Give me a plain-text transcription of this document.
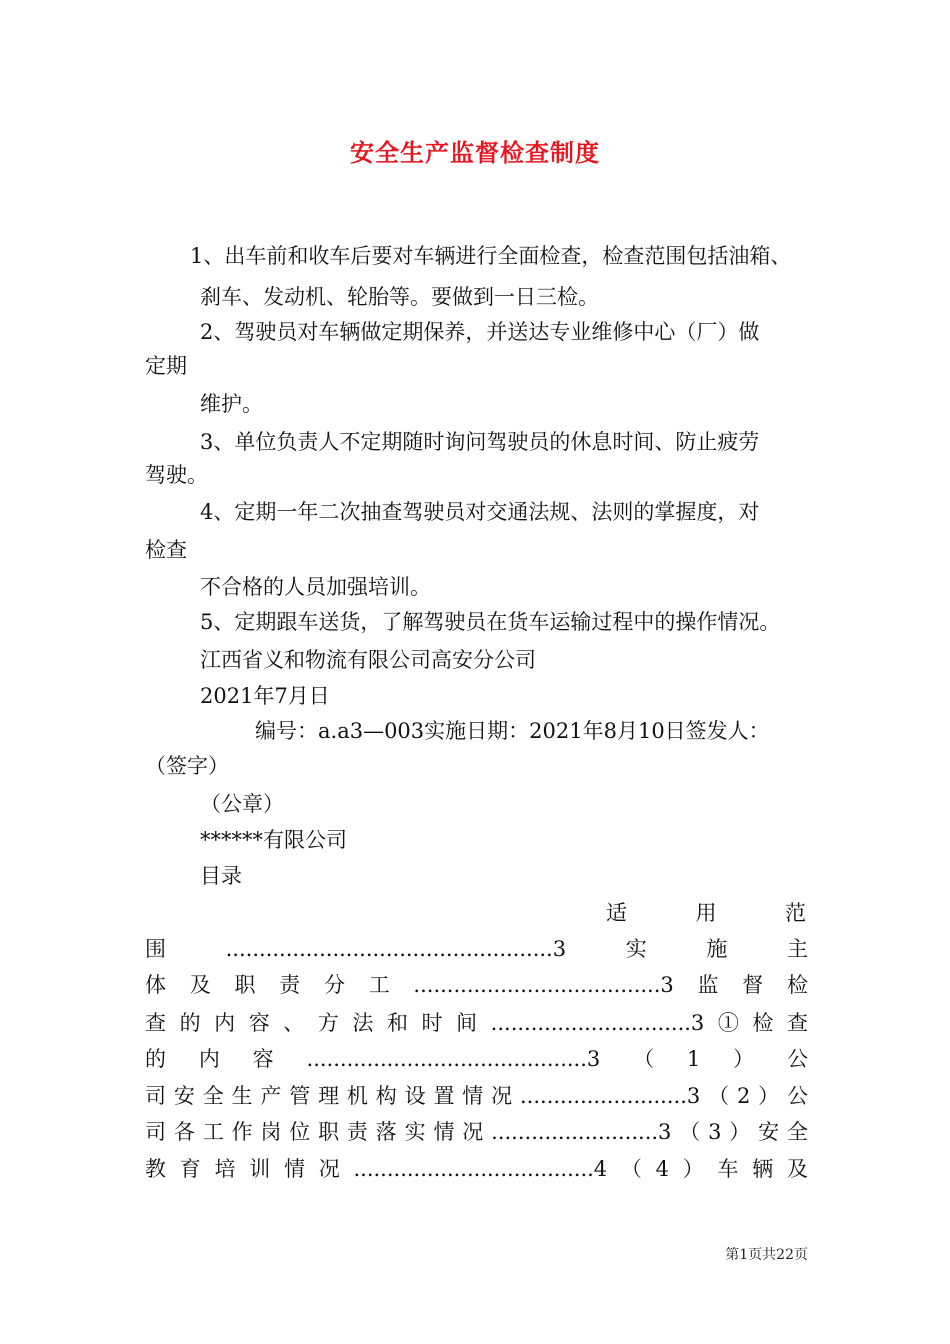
安全生产监督检查制度
1、出车前和收车后要对车辆进行全面检查，检查范围包括油箱、
刹车、发动机、轮胎等。要做到一日三检。
2、驾驶员对车辆做定期保养，并送达专业维修中心（厂）做
定期
维护。
3、单位负责人不定期随时询问驾驶员的休息时间、防止疲劳
驾驶。
4、定期一年二次抽查驾驶员对交通法规、法则的掌握度，对
检查
不合格的人员加强培训。
5、定期跟车送货，了解驾驶员在货车运输过程中的操作情况。
江西省义和物流有限公司高安分公司
2021年7月日
编号：a.a3—003实施日期：2021年8月10日签发人：
（签字）
（公章）
******有限公司
目录
适	用	范
围.................................................3实施主
体及职责分工.....................................3监督检
查的内容、方法和时间..............................3①检查
的内容..........................................3（1）公
司安全生产管理机构设置情况.........................3（2）公
司各工作岗位职责落实情况.........................3（3）安全
教育培训情况....................................4（4）车辆及
第1页共22页
